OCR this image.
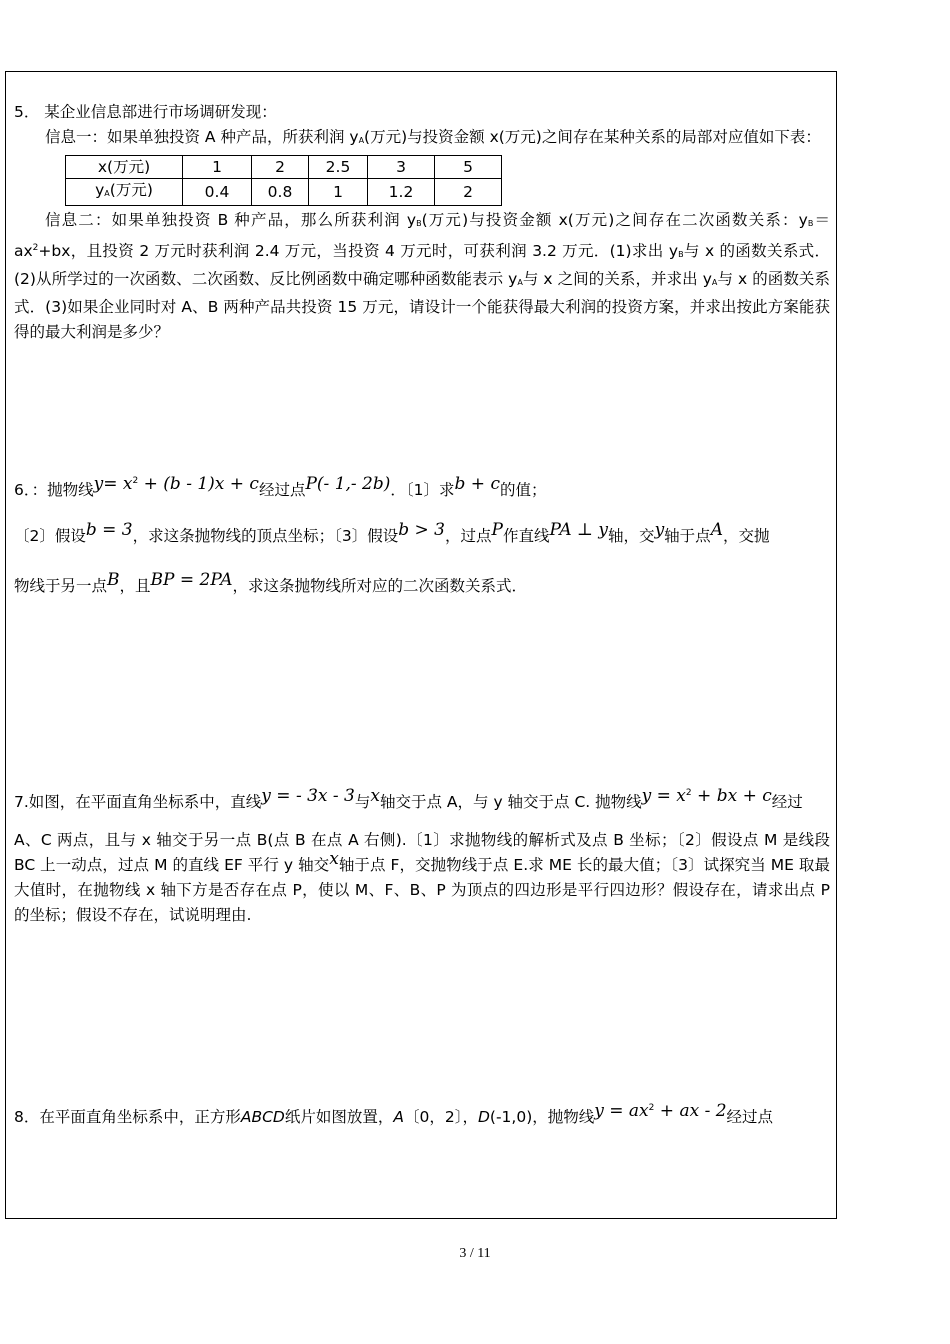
5． 某企业信息部进行市场调研发现：

信息一：如果单独投资 A 种产品，所获利润 yA(万元)与投资金额 x(万元)之间存在某种关系的局部对应值如下表：

x(万元)	1	2	2.5	3	5
yA(万元)	0.4	0.8	1	1.2	2

信息二：如果单独投资 B 种产品，那么所获利润 yB(万元)与投资金额 x(万元)之间存在二次函数关系：$yB=ax^2+bx$，且投资 2 万元时获利润 2.4 万元，当投资 4 万元时，可获利润 3.2 万元．(1)求出 yB与 x 的函数关系式．(2)从所学过的一次函数、二次函数、反比例函数中确定哪种函数能表示 yA与 x 之间的关系，并求出 yA与 x 的函数关系式．(3)如果企业同时对 A、B 两种产品共投资 15 万元，请设计一个能获得最大利润的投资方案，并求出按此方案能获得的最大利润是多少？

6．：抛物线$y= x^2 + (b - 1)x + c$经过点P(- 1,- 2b)．〔1〕求b + c的值；

〔2〕假设b = 3，求这条抛物线的顶点坐标；〔3〕假设b > 3，过点P作直线PA ⊥ y轴，交y轴于点A，交抛

物线于另一点B，且BP = 2PA，求这条抛物线所对应的二次函数关系式．

7.如图，在平面直角坐标系中，直线y = - 3x - 3与x轴交于点 A，与 y 轴交于点 C. 抛物线$y = x^2$ + bx + c经过

A、C 两点，且与 x 轴交于另一点 B(点 B 在点 A 右侧).〔1〕求抛物线的解析式及点 B 坐标；〔2〕假设点 M 是线段 BC 上一动点，过点 M 的直线 EF 平行 y 轴交x轴于点 F，交抛物线于点 E.求 ME 长的最大值；〔3〕试探究当 ME 取最大值时，在抛物线 x 轴下方是否存在点 P，使以 M、F、B、P 为顶点的四边形是平行四边形？假设存在，请求出点 P 的坐标；假设不存在，试说明理由.

8．在平面直角坐标系中，正方形ABCD纸片如图放置，A〔0，2〕，D(-1,0)，抛物线$y = ax^2$ + ax - 2经过点

3 / 11
